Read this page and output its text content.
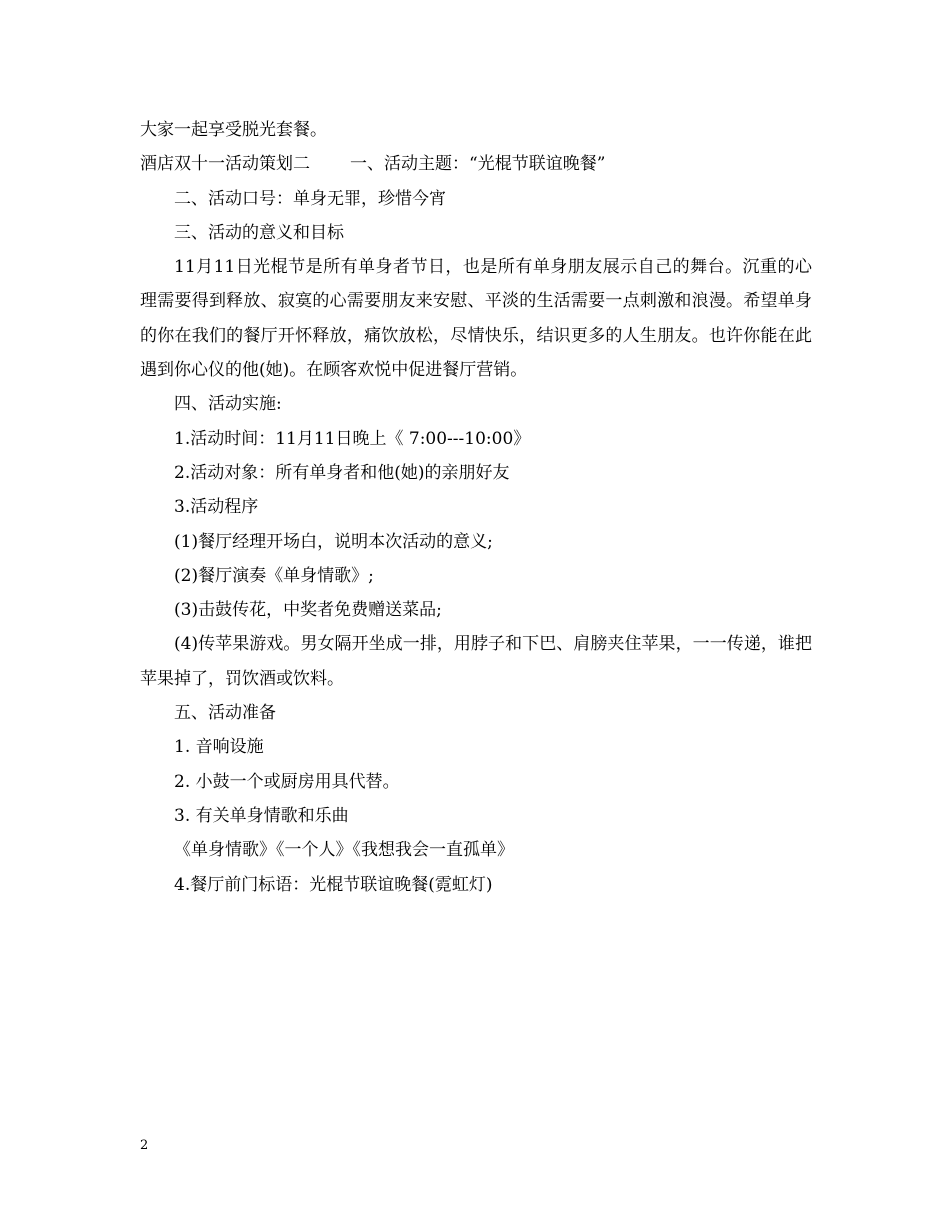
大家一起享受脱光套餐。
酒店双十一活动策划二 一、活动主题：“光棍节联谊晚餐”
二、活动口号：单身无罪，珍惜今宵
三、活动的意义和目标
11月11日光棍节是所有单身者节日，也是所有单身朋友展示自己的舞台。沉重的心理需要得到释放、寂寞的心需要朋友来安慰、平淡的生活需要一点刺激和浪漫。希望单身的你在我们的餐厅开怀释放，痛饮放松，尽情快乐，结识更多的人生朋友。也许你能在此遇到你心仪的他(她)。在顾客欢悦中促进餐厅营销。
四、活动实施:
1.活动时间：11月11日晚上《 7:00---10:00》
2.活动对象：所有单身者和他(她)的亲朋好友
3.活动程序
(1)餐厅经理开场白，说明本次活动的意义;
(2)餐厅演奏《单身情歌》;
(3)击鼓传花，中奖者免费赠送菜品;
(4)传苹果游戏。男女隔开坐成一排，用脖子和下巴、肩膀夹住苹果，一一传递，谁把苹果掉了，罚饮酒或饮料。
五、活动准备
1. 音响设施
2. 小鼓一个或厨房用具代替。
3. 有关单身情歌和乐曲
《单身情歌》《一个人》《我想我会一直孤单》
4.餐厅前门标语：光棍节联谊晚餐(霓虹灯)
2
